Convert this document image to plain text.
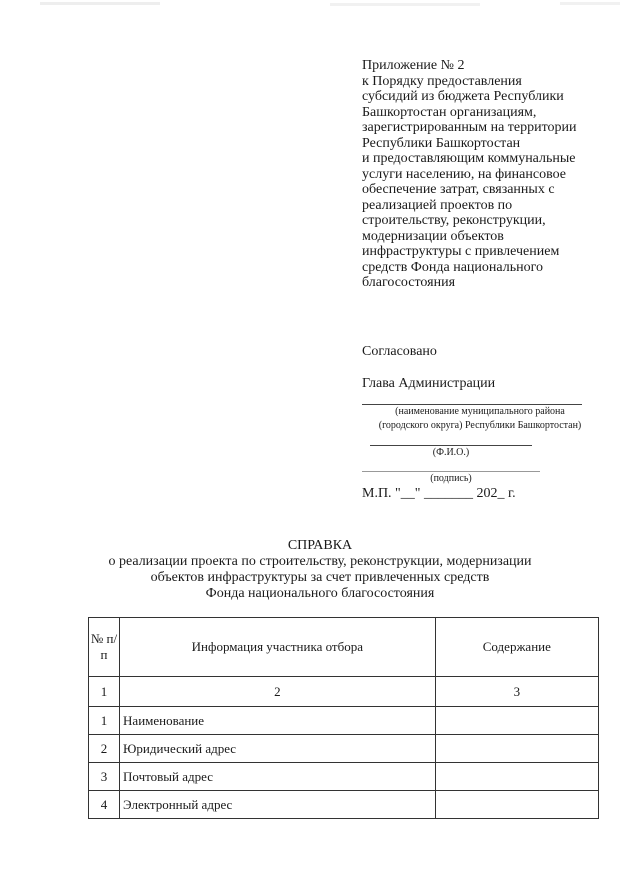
Приложение № 2
к Порядку предоставления
субсидий из бюджета Республики
Башкортостан организациям,
зарегистрированным на территории
Республики Башкортостан
и предоставляющим коммунальные
услуги населению, на финансовое
обеспечение затрат, связанных с
реализацией проектов по
строительству, реконструкции,
модернизации объектов
инфраструктуры с привлечением
средств Фонда национального
благосостояния
Согласовано
Глава Администрации
(наименование муниципального района
(городского округа) Республики Башкортостан)
(Ф.И.О.)
(подпись)
М.П. "__" _______ 202_ г.
СПРАВКА
о реализации проекта по строительству, реконструкции, модернизации
объектов инфраструктуры за счет привлеченных средств
Фонда национального благосостояния
№ п/п	Информация участника отбора	Содержание
1	2	3
1	Наименование	
2	Юридический адрес	
3	Почтовый адрес	
4	Электронный адрес	
